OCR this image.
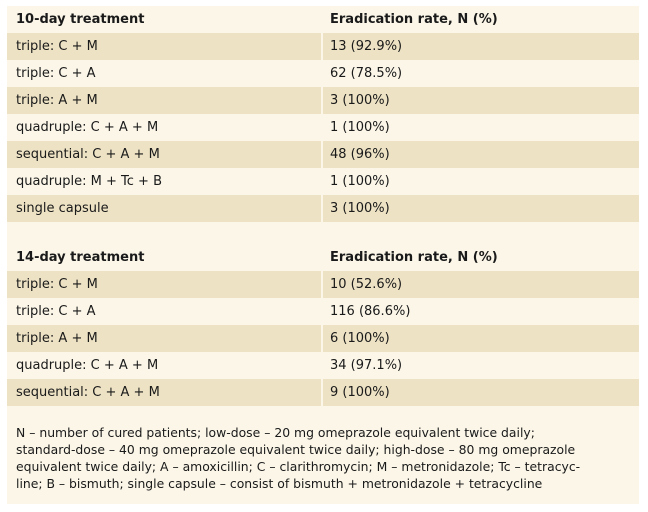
10-day treatment	Eradication rate, N (%)
triple: C + M	13 (92.9%)
triple: C + A	62 (78.5%)
triple: A + M	3 (100%)
quadruple: C + A + M	1 (100%)
sequential: C + A + M	48 (96%)
quadruple: M + Tc + B	1 (100%)
single capsule	3 (100%)
14-day treatment	Eradication rate, N (%)
triple: C + M	10 (52.6%)
triple: C + A	116 (86.6%)
triple: A + M	6 (100%)
quadruple: C + A + M	34 (97.1%)
sequential: C + A + M	9 (100%)
N – number of cured patients; low-dose – 20 mg omeprazole equivalent twice daily;
standard-dose – 40 mg omeprazole equivalent twice daily; high-dose – 80 mg omeprazole
equivalent twice daily; A – amoxicillin; C – clarithromycin; M – metronidazole; Tc – tetracyc-
line; B – bismuth; single capsule – consist of bismuth + metronidazole + tetracycline
